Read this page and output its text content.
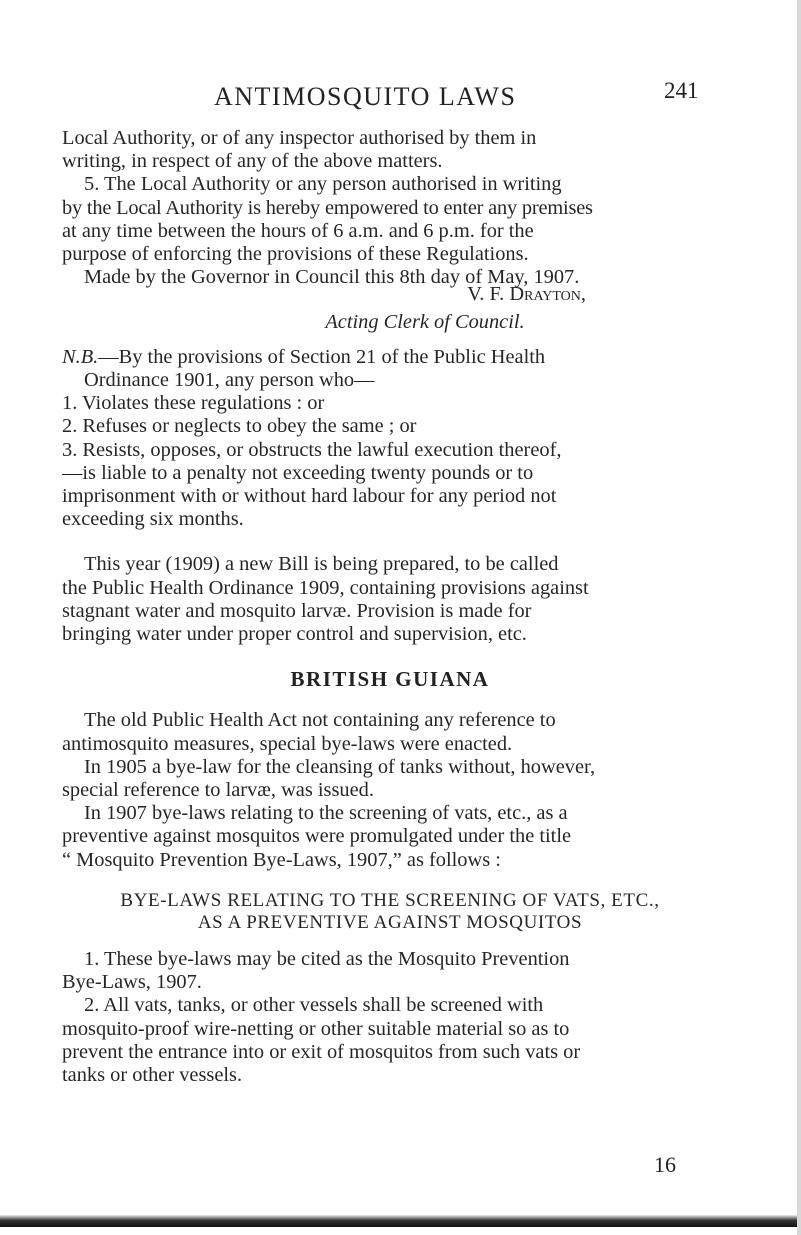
ANTIMOSQUITO LAWS	241

Local Authority, or of any inspector authorised by them in
writing, in respect of any of the above matters.
5. The Local Authority or any person authorised in writing
by the Local Authority is hereby empowered to enter any premises
at any time between the hours of 6 a.m. and 6 p.m. for the
purpose of enforcing the provisions of these Regulations.
Made by the Governor in Council this 8th day of May, 1907.

V. F. Drayton,
Acting Clerk of Council.
N.B.—By the provisions of Section 21 of the Public Health
Ordinance 1901, any person who—
1. Violates these regulations : or
2. Refuses or neglects to obey the same ; or
3. Resists, opposes, or obstructs the lawful execution thereof,
—is liable to a penalty not exceeding twenty pounds or to
imprisonment with or without hard labour for any period not
exceeding six months.

This year (1909) a new Bill is being prepared, to be called
the Public Health Ordinance 1909, containing provisions against
stagnant water and mosquito larvæ. Provision is made for
bringing water under proper control and supervision, etc.

BRITISH GUIANA

The old Public Health Act not containing any reference to
antimosquito measures, special bye-laws were enacted.

In 1905 a bye-law for the cleansing of tanks without, however,
special reference to larvæ, was issued.

In 1907 bye-laws relating to the screening of vats, etc., as a
preventive against mosquitos were promulgated under the title
“ Mosquito Prevention Bye-Laws, 1907,” as follows :

BYE-LAWS RELATING TO THE SCREENING OF VATS, ETC.,
AS A PREVENTIVE AGAINST MOSQUITOS

1. These bye-laws may be cited as the Mosquito Prevention
Bye-Laws, 1907.

2. All vats, tanks, or other vessels shall be screened with
mosquito-proof wire-netting or other suitable material so as to
prevent the entrance into or exit of mosquitos from such vats or
tanks or other vessels.

16
